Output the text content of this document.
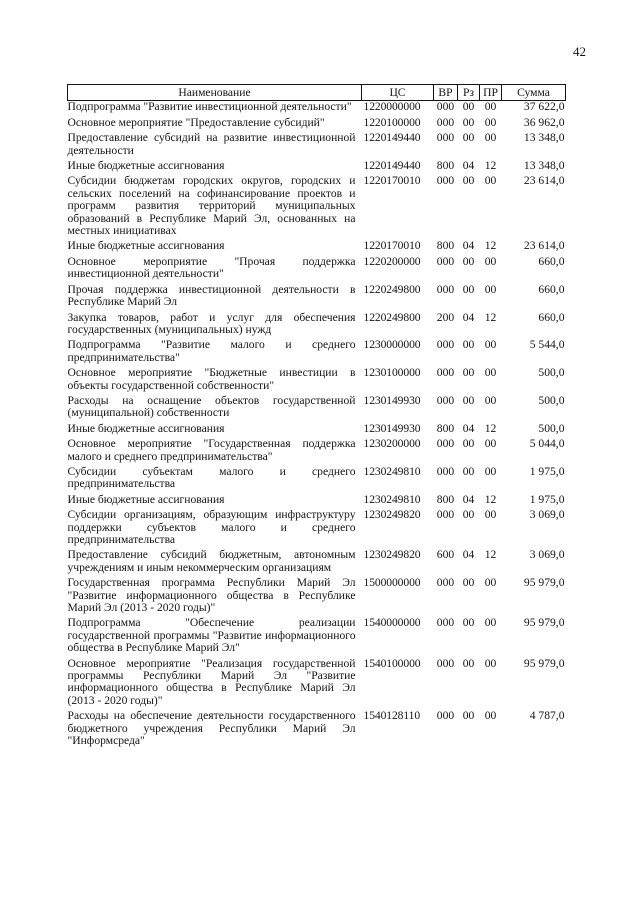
42
Наименование	ЦС	ВР	Рз	ПР	Сумма
Подпрограмма "Развитие инвестиционной деятельности"	1220000000	000	00	00	37 622,0
Основное мероприятие "Предоставление субсидий"	1220100000	000	00	00	36 962,0
Предоставление субсидий на развитие инвестиционной деятельности	1220149440	000	00	00	13 348,0
Иные бюджетные ассигнования	1220149440	800	04	12	13 348,0
Субсидии бюджетам городских округов, городских и сельских поселений на софинансирование проектов и программ развития территорий муниципальных образований в Республике Марий Эл, основанных на местных инициативах	1220170010	000	00	00	23 614,0
Иные бюджетные ассигнования	1220170010	800	04	12	23 614,0
Основное мероприятие "Прочая поддержка инвестиционной деятельности"	1220200000	000	00	00	660,0
Прочая поддержка инвестиционной деятельности в Республике Марий Эл	1220249800	000	00	00	660,0
Закупка товаров, работ и услуг для обеспечения государственных (муниципальных) нужд	1220249800	200	04	12	660,0
Подпрограмма "Развитие малого и среднего предпринимательства"	1230000000	000	00	00	5 544,0
Основное мероприятие "Бюджетные инвестиции в объекты государственной собственности"	1230100000	000	00	00	500,0
Расходы на оснащение объектов государственной (муниципальной) собственности	1230149930	000	00	00	500,0
Иные бюджетные ассигнования	1230149930	800	04	12	500,0
Основное мероприятие "Государственная поддержка малого и среднего предпринимательства"	1230200000	000	00	00	5 044,0
Субсидии субъектам малого и среднего предпринимательства	1230249810	000	00	00	1 975,0
Иные бюджетные ассигнования	1230249810	800	04	12	1 975,0
Субсидии организациям, образующим инфраструктуру поддержки субъектов малого и среднего предпринимательства	1230249820	000	00	00	3 069,0
Предоставление субсидий бюджетным, автономным учреждениям и иным некоммерческим организациям	1230249820	600	04	12	3 069,0
Государственная программа Республики Марий Эл "Развитие информационного общества в Республике Марий Эл (2013 - 2020 годы)"	1500000000	000	00	00	95 979,0
Подпрограмма "Обеспечение реализации государственной программы "Развитие информационного общества в Республике Марий Эл"	1540000000	000	00	00	95 979,0
Основное мероприятие "Реализация государственной программы Республики Марий Эл "Развитие информационного общества в Республике Марий Эл (2013 - 2020 годы)"	1540100000	000	00	00	95 979,0
Расходы на обеспечение деятельности государственного бюджетного учреждения Республики Марий Эл "Информсреда"	1540128110	000	00	00	4 787,0
